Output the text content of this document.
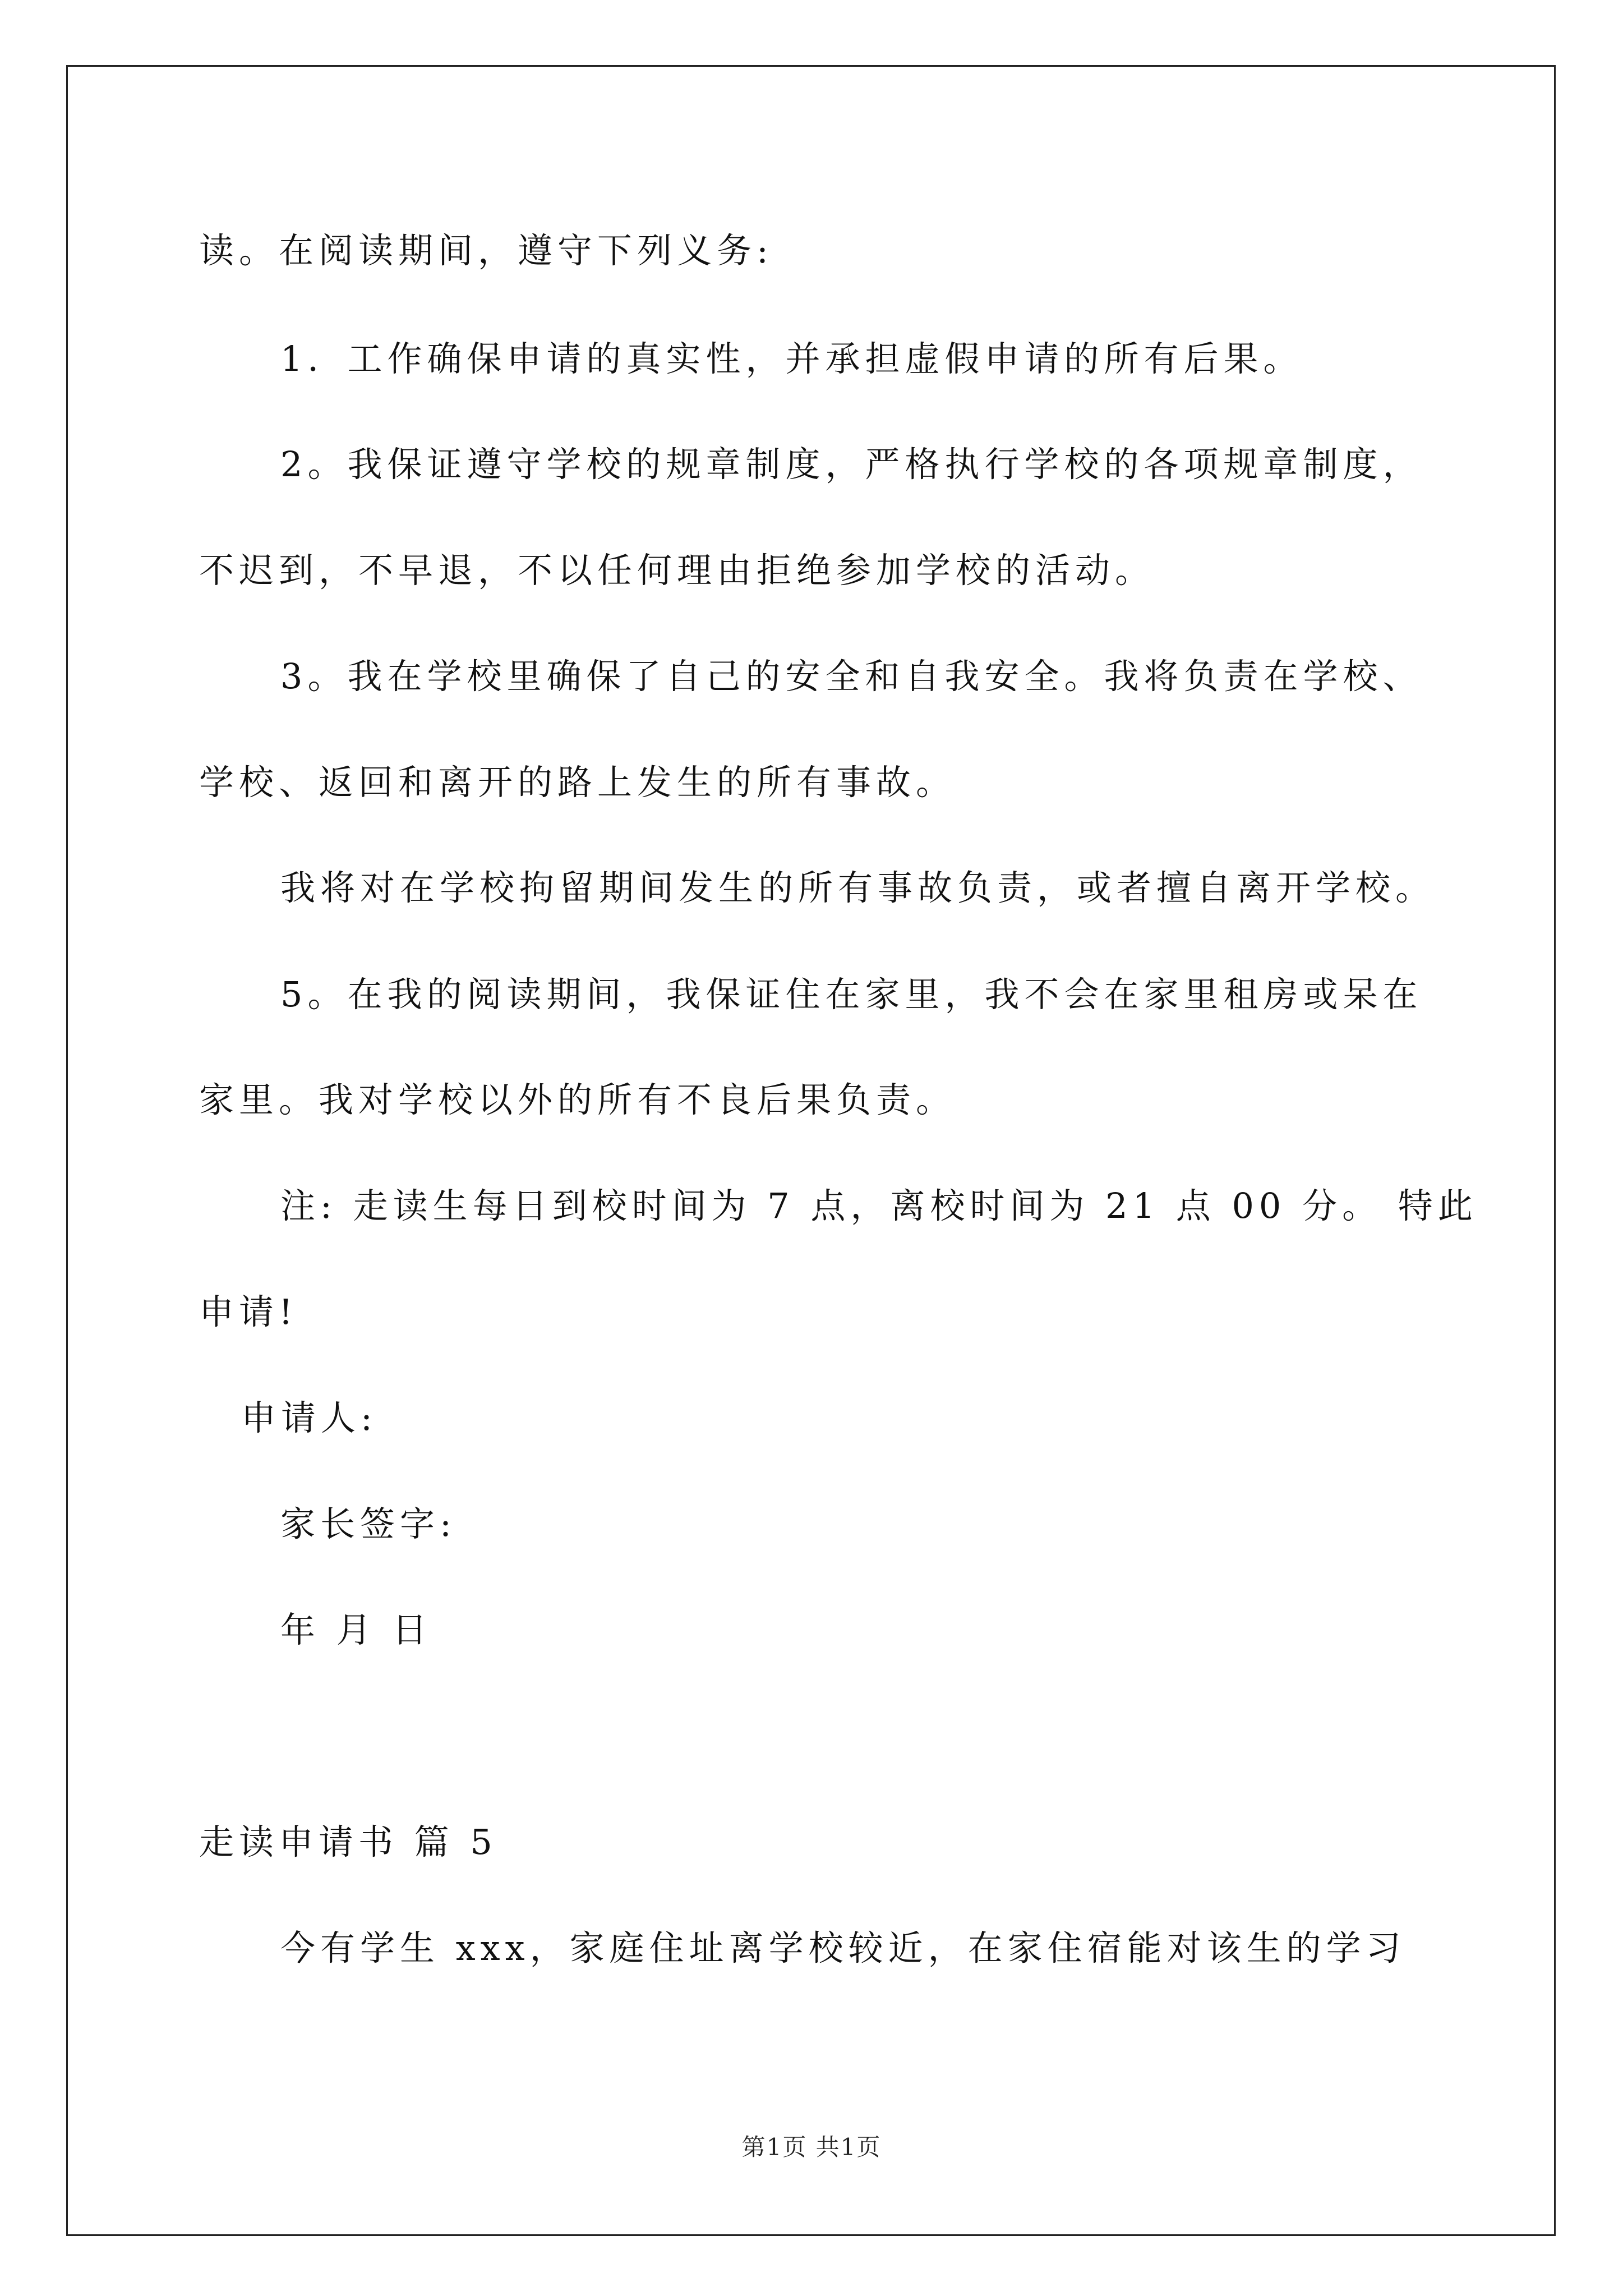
读。在阅读期间，遵守下列义务:

1．工作确保申请的真实性，并承担虚假申请的所有后果。

2。我保证遵守学校的规章制度，严格执行学校的各项规章制度，

不迟到，不早退，不以任何理由拒绝参加学校的活动。

3。我在学校里确保了自己的安全和自我安全。我将负责在学校、

学校、返回和离开的路上发生的所有事故。

我将对在学校拘留期间发生的所有事故负责，或者擅自离开学校。

5。在我的阅读期间，我保证住在家里，我不会在家里租房或呆在

家里。我对学校以外的所有不良后果负责。

注: 走读生每日到校时间为 7 点，离校时间为 21 点 00 分。 特此

申请!

申请人:

家长签字:

年 月 日

走读申请书 篇 5

今有学生 xxx，家庭住址离学校较近，在家住宿能对该生的学习

第1页 共1页
